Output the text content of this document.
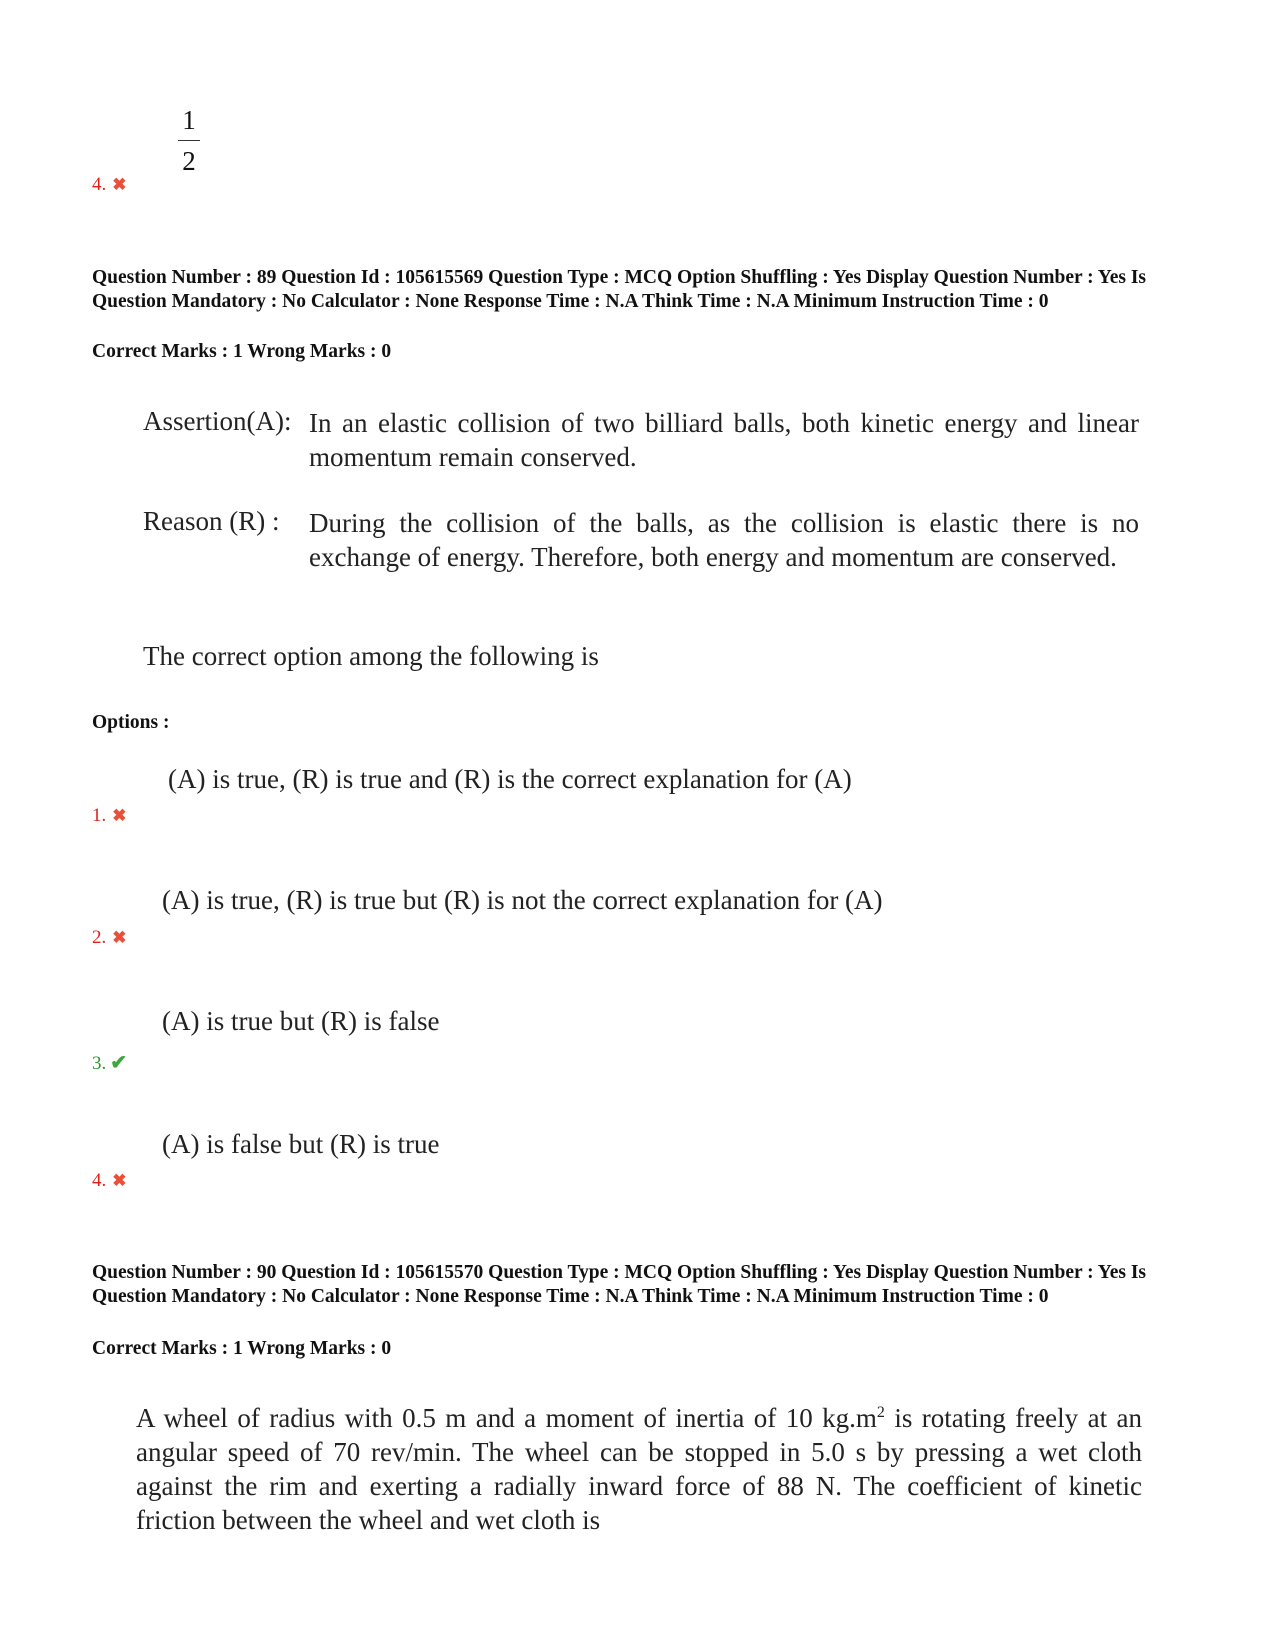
1
2
4. ✖
Question Number : 89 Question Id : 105615569 Question Type : MCQ Option Shuffling : Yes Display Question Number : Yes Is Question Mandatory : No Calculator : None Response Time : N.A Think Time : N.A Minimum Instruction Time : 0
Correct Marks : 1 Wrong Marks : 0
Assertion(A): In an elastic collision of two billiard balls, both kinetic energy and linear momentum remain conserved.
Reason (R) : During the collision of the balls, as the collision is elastic there is no exchange of energy. Therefore, both energy and momentum are conserved.
The correct option among the following is
Options :
(A) is true, (R) is true and (R) is the correct explanation for (A)
1. ✖
(A) is true, (R) is true but (R) is not the correct explanation for (A)
2. ✖
(A) is true but (R) is false
3. ✔
(A) is false but (R) is true
4. ✖
Question Number : 90 Question Id : 105615570 Question Type : MCQ Option Shuffling : Yes Display Question Number : Yes Is Question Mandatory : No Calculator : None Response Time : N.A Think Time : N.A Minimum Instruction Time : 0
Correct Marks : 1 Wrong Marks : 0
A wheel of radius with 0.5 m and a moment of inertia of 10 $kg.m^2$ is rotating freely at an angular speed of 70 rev/min. The wheel can be stopped in 5.0 s by pressing a wet cloth against the rim and exerting a radially inward force of 88 N. The coefficient of kinetic friction between the wheel and wet cloth is
